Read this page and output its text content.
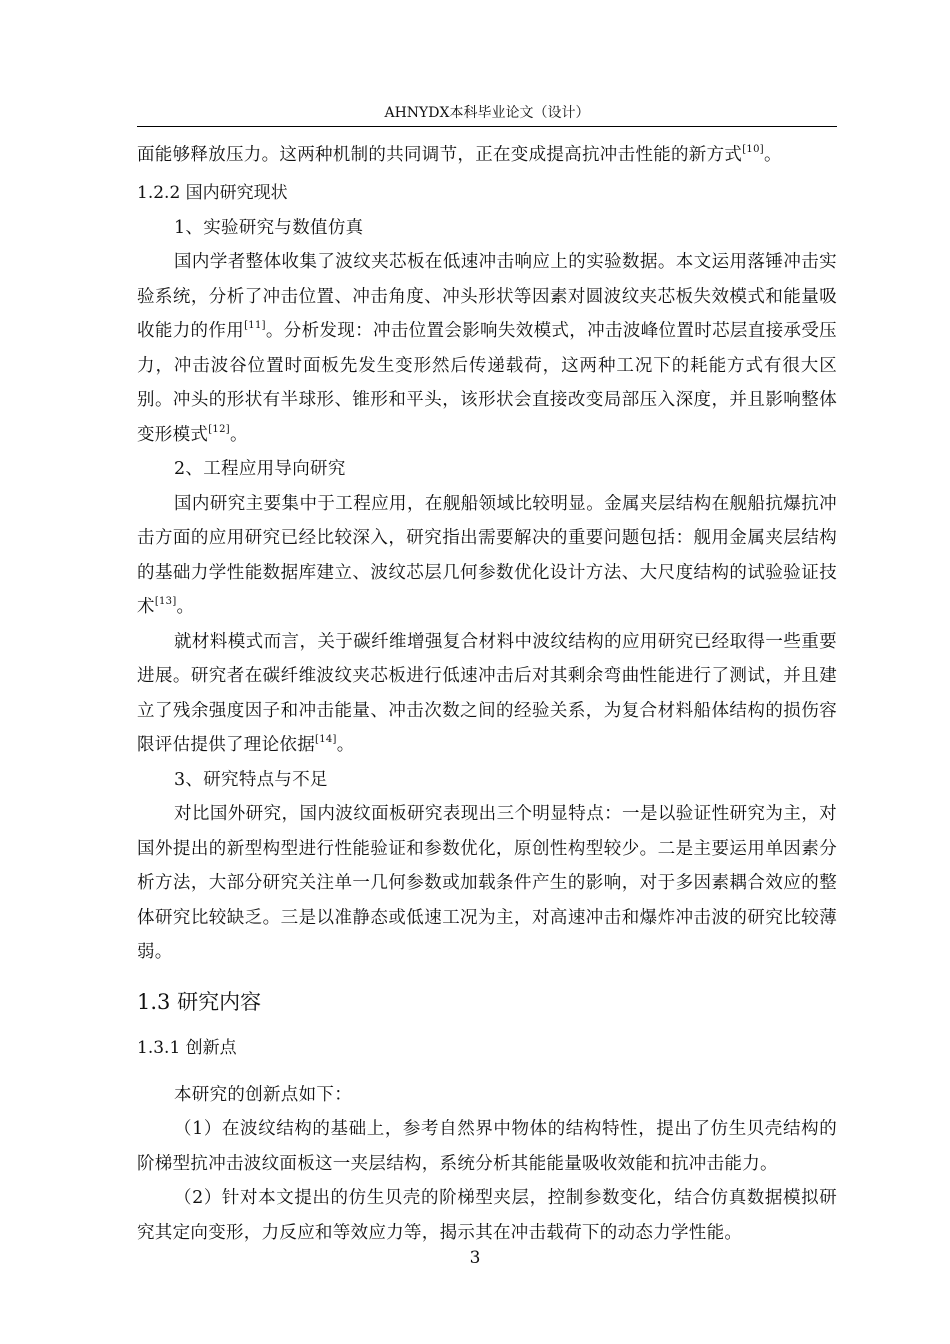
AHNYDX本科毕业论文（设计）

面能够释放压力。这两种机制的共同调节，正在变成提高抗冲击性能的新方式[10]。

1.2.2 国内研究现状

1、实验研究与数值仿真

国内学者整体收集了波纹夹芯板在低速冲击响应上的实验数据。本文运用落锤冲击实验系统，分析了冲击位置、冲击角度、冲头形状等因素对圆波纹夹芯板失效模式和能量吸收能力的作用[11]。分析发现：冲击位置会影响失效模式，冲击波峰位置时芯层直接承受压力，冲击波谷位置时面板先发生变形然后传递载荷，这两种工况下的耗能方式有很大区别。冲头的形状有半球形、锥形和平头，该形状会直接改变局部压入深度，并且影响整体变形模式[12]。

2、工程应用导向研究

国内研究主要集中于工程应用，在舰船领域比较明显。金属夹层结构在舰船抗爆抗冲击方面的应用研究已经比较深入，研究指出需要解决的重要问题包括：舰用金属夹层结构的基础力学性能数据库建立、波纹芯层几何参数优化设计方法、大尺度结构的试验验证技术[13]。

就材料模式而言，关于碳纤维增强复合材料中波纹结构的应用研究已经取得一些重要进展。研究者在碳纤维波纹夹芯板进行低速冲击后对其剩余弯曲性能进行了测试，并且建立了残余强度因子和冲击能量、冲击次数之间的经验关系，为复合材料船体结构的损伤容限评估提供了理论依据[14]。

3、研究特点与不足

对比国外研究，国内波纹面板研究表现出三个明显特点：一是以验证性研究为主，对国外提出的新型构型进行性能验证和参数优化，原创性构型较少。二是主要运用单因素分析方法，大部分研究关注单一几何参数或加载条件产生的影响，对于多因素耦合效应的整体研究比较缺乏。三是以准静态或低速工况为主，对高速冲击和爆炸冲击波的研究比较薄弱。

1.3 研究内容
1.3.1 创新点

本研究的创新点如下：

（1）在波纹结构的基础上，参考自然界中物体的结构特性，提出了仿生贝壳结构的阶梯型抗冲击波纹面板这一夹层结构，系统分析其能能量吸收效能和抗冲击能力。

（2）针对本文提出的仿生贝壳的阶梯型夹层，控制参数变化，结合仿真数据模拟研究其定向变形，力反应和等效应力等，揭示其在冲击载荷下的动态力学性能。

3
